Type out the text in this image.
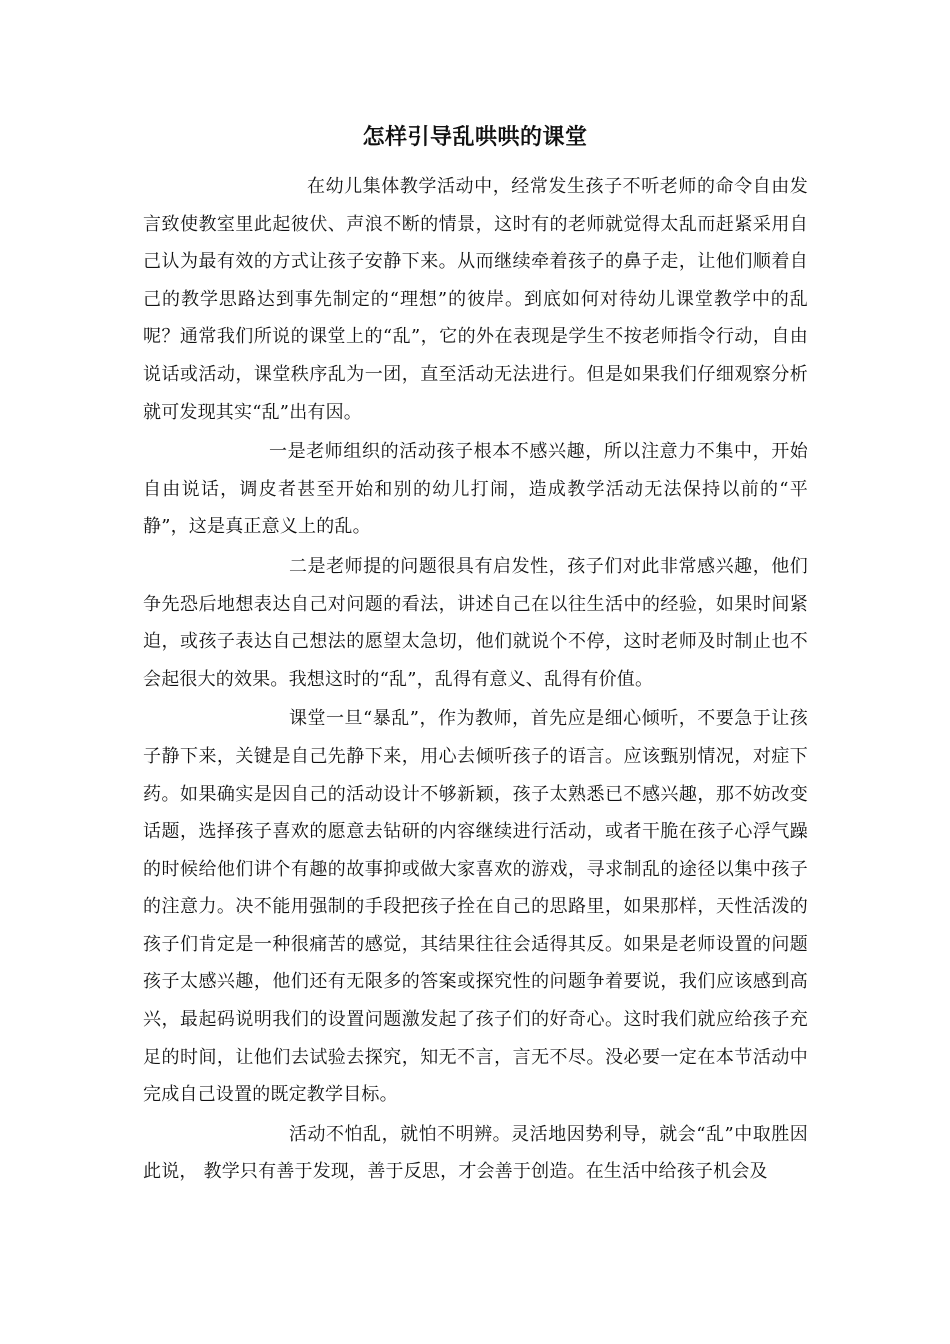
怎样引导乱哄哄的课堂

在幼儿集体教学活动中，经常发生孩子不听老师的命令自由发言致使教室里此起彼伏、声浪不断的情景，这时有的老师就觉得太乱而赶紧采用自己认为最有效的方式让孩子安静下来。从而继续牵着孩子的鼻子走，让他们顺着自己的教学思路达到事先制定的“理想”的彼岸。到底如何对待幼儿课堂教学中的乱呢？通常我们所说的课堂上的“乱”，它的外在表现是学生不按老师指令行动，自由说话或活动，课堂秩序乱为一团，直至活动无法进行。但是如果我们仔细观察分析就可发现其实“乱”出有因。

一是老师组织的活动孩子根本不感兴趣，所以注意力不集中，开始自由说话，调皮者甚至开始和别的幼儿打闹，造成教学活动无法保持以前的“平静”，这是真正意义上的乱。

二是老师提的问题很具有启发性，孩子们对此非常感兴趣，他们争先恐后地想表达自己对问题的看法，讲述自己在以往生活中的经验，如果时间紧迫，或孩子表达自己想法的愿望太急切，他们就说个不停，这时老师及时制止也不会起很大的效果。我想这时的“乱”，乱得有意义、乱得有价值。

课堂一旦“暴乱”，作为教师，首先应是细心倾听，不要急于让孩子静下来，关键是自己先静下来，用心去倾听孩子的语言。应该甄别情况，对症下药。如果确实是因自己的活动设计不够新颖，孩子太熟悉已不感兴趣，那不妨改变话题，选择孩子喜欢的愿意去钻研的内容继续进行活动，或者干脆在孩子心浮气躁的时候给他们讲个有趣的故事抑或做大家喜欢的游戏，寻求制乱的途径以集中孩子的注意力。决不能用强制的手段把孩子拴在自己的思路里，如果那样，天性活泼的孩子们肯定是一种很痛苦的感觉，其结果往往会适得其反。如果是老师设置的问题孩子太感兴趣，他们还有无限多的答案或探究性的问题争着要说，我们应该感到高兴，最起码说明我们的设置问题激发起了孩子们的好奇心。这时我们就应给孩子充足的时间，让他们去试验去探究，知无不言，言无不尽。没必要一定在本节活动中完成自己设置的既定教学目标。

活动不怕乱，就怕不明辨。灵活地因势利导，就会“乱”中取胜因此说， 教学只有善于发现，善于反思，才会善于创造。在生活中给孩子机会及
